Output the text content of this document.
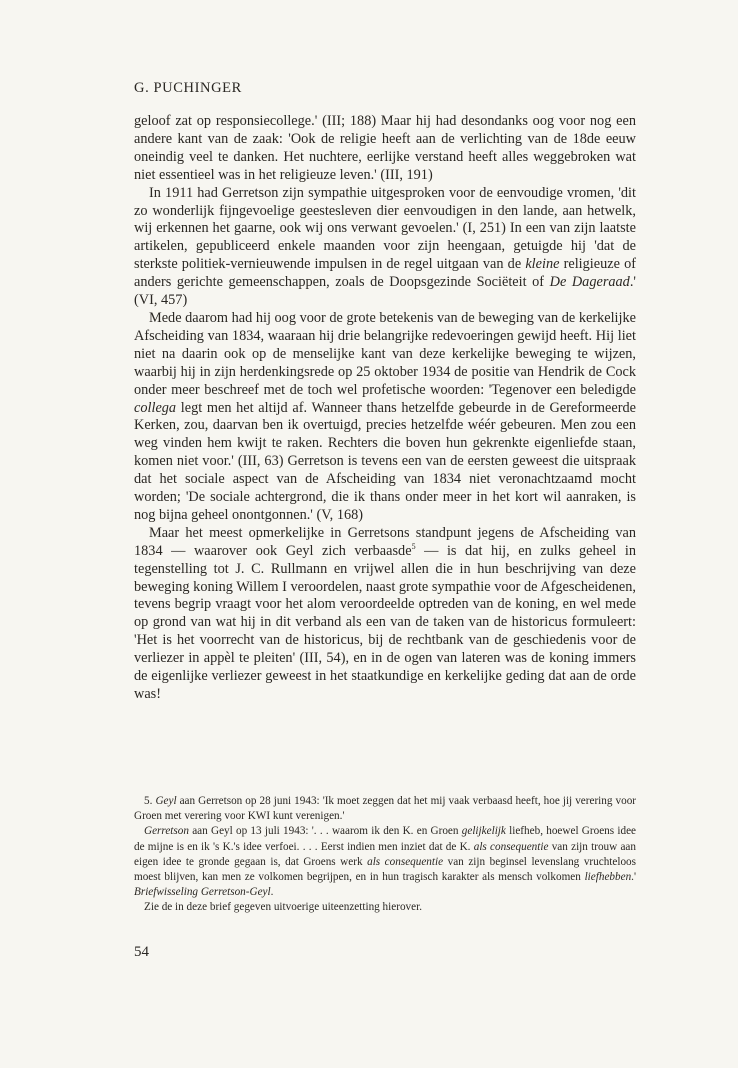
G. PUCHINGER

geloof zat op responsiecollege.' (III; 188) Maar hij had desondanks oog voor nog een andere kant van de zaak: 'Ook de religie heeft aan de verlichting van de 18de eeuw oneindig veel te danken. Het nuchtere, eerlijke verstand heeft alles weggebroken wat niet essentieel was in het religieuze leven.' (III, 191)

In 1911 had Gerretson zijn sympathie uitgesproken voor de eenvoudige vromen, 'dit zo wonderlijk fijngevoelige geestesleven dier eenvoudigen in den lande, aan hetwelk, wij erkennen het gaarne, ook wij ons verwant gevoelen.' (I, 251) In een van zijn laatste artikelen, gepubliceerd enkele maanden voor zijn heengaan, getuigde hij 'dat de sterkste politiek-vernieuwende impulsen in de regel uitgaan van de kleine religieuze of anders gerichte gemeenschappen, zoals de Doopsgezinde Sociëteit of De Dageraad.' (VI, 457)

Mede daarom had hij oog voor de grote betekenis van de beweging van de kerkelijke Afscheiding van 1834, waaraan hij drie belangrijke redevoeringen gewijd heeft. Hij liet niet na daarin ook op de menselijke kant van deze kerkelijke beweging te wijzen, waarbij hij in zijn herdenkingsrede op 25 oktober 1934 de positie van Hendrik de Cock onder meer beschreef met de toch wel profetische woorden: 'Tegenover een beledigde collega legt men het altijd af. Wanneer thans hetzelfde gebeurde in de Gereformeerde Kerken, zou, daarvan ben ik overtuigd, precies hetzelfde wéér gebeuren. Men zou een weg vinden hem kwijt te raken. Rechters die boven hun gekrenkte eigenliefde staan, komen niet voor.' (III, 63) Gerretson is tevens een van de eersten geweest die uitspraak dat het sociale aspect van de Afscheiding van 1834 niet veronachtzaamd mocht worden; 'De sociale achtergrond, die ik thans onder meer in het kort wil aanraken, is nog bijna geheel onontgonnen.' (V, 168)

Maar het meest opmerkelijke in Gerretsons standpunt jegens de Afscheiding van 1834 — waarover ook Geyl zich verbaasde$^5$ — is dat hij, en zulks geheel in tegenstelling tot J. C. Rullmann en vrijwel allen die in hun beschrijving van deze beweging koning Willem I veroordelen, naast grote sympathie voor de Afgescheidenen, tevens begrip vraagt voor het alom veroordeelde optreden van de koning, en wel mede op grond van wat hij in dit verband als een van de taken van de historicus formuleert: 'Het is het voorrecht van de historicus, bij de rechtbank van de geschiedenis voor de verliezer in appèl te pleiten' (III, 54), en in de ogen van lateren was de koning immers de eigenlijke verliezer geweest in het staatkundige en kerkelijke geding dat aan de orde was!

5. Geyl aan Gerretson op 28 juni 1943: 'Ik moet zeggen dat het mij vaak verbaasd heeft, hoe jij verering voor Groen met verering voor KWI kunt verenigen.'

Gerretson aan Geyl op 13 juli 1943: '. . . waarom ik den K. en Groen gelijkelijk liefheb, hoewel Groens idee de mijne is en ik 's K.'s idee verfoei. . . . Eerst indien men inziet dat de K. als consequentie van zijn trouw aan eigen idee te gronde gegaan is, dat Groens werk als consequentie van zijn beginsel levenslang vruchteloos moest blijven, kan men ze volkomen begrijpen, en in hun tragisch karakter als mensch volkomen liefhebben.' Briefwisseling Gerretson-Geyl.

Zie de in deze brief gegeven uitvoerige uiteenzetting hierover.

54
